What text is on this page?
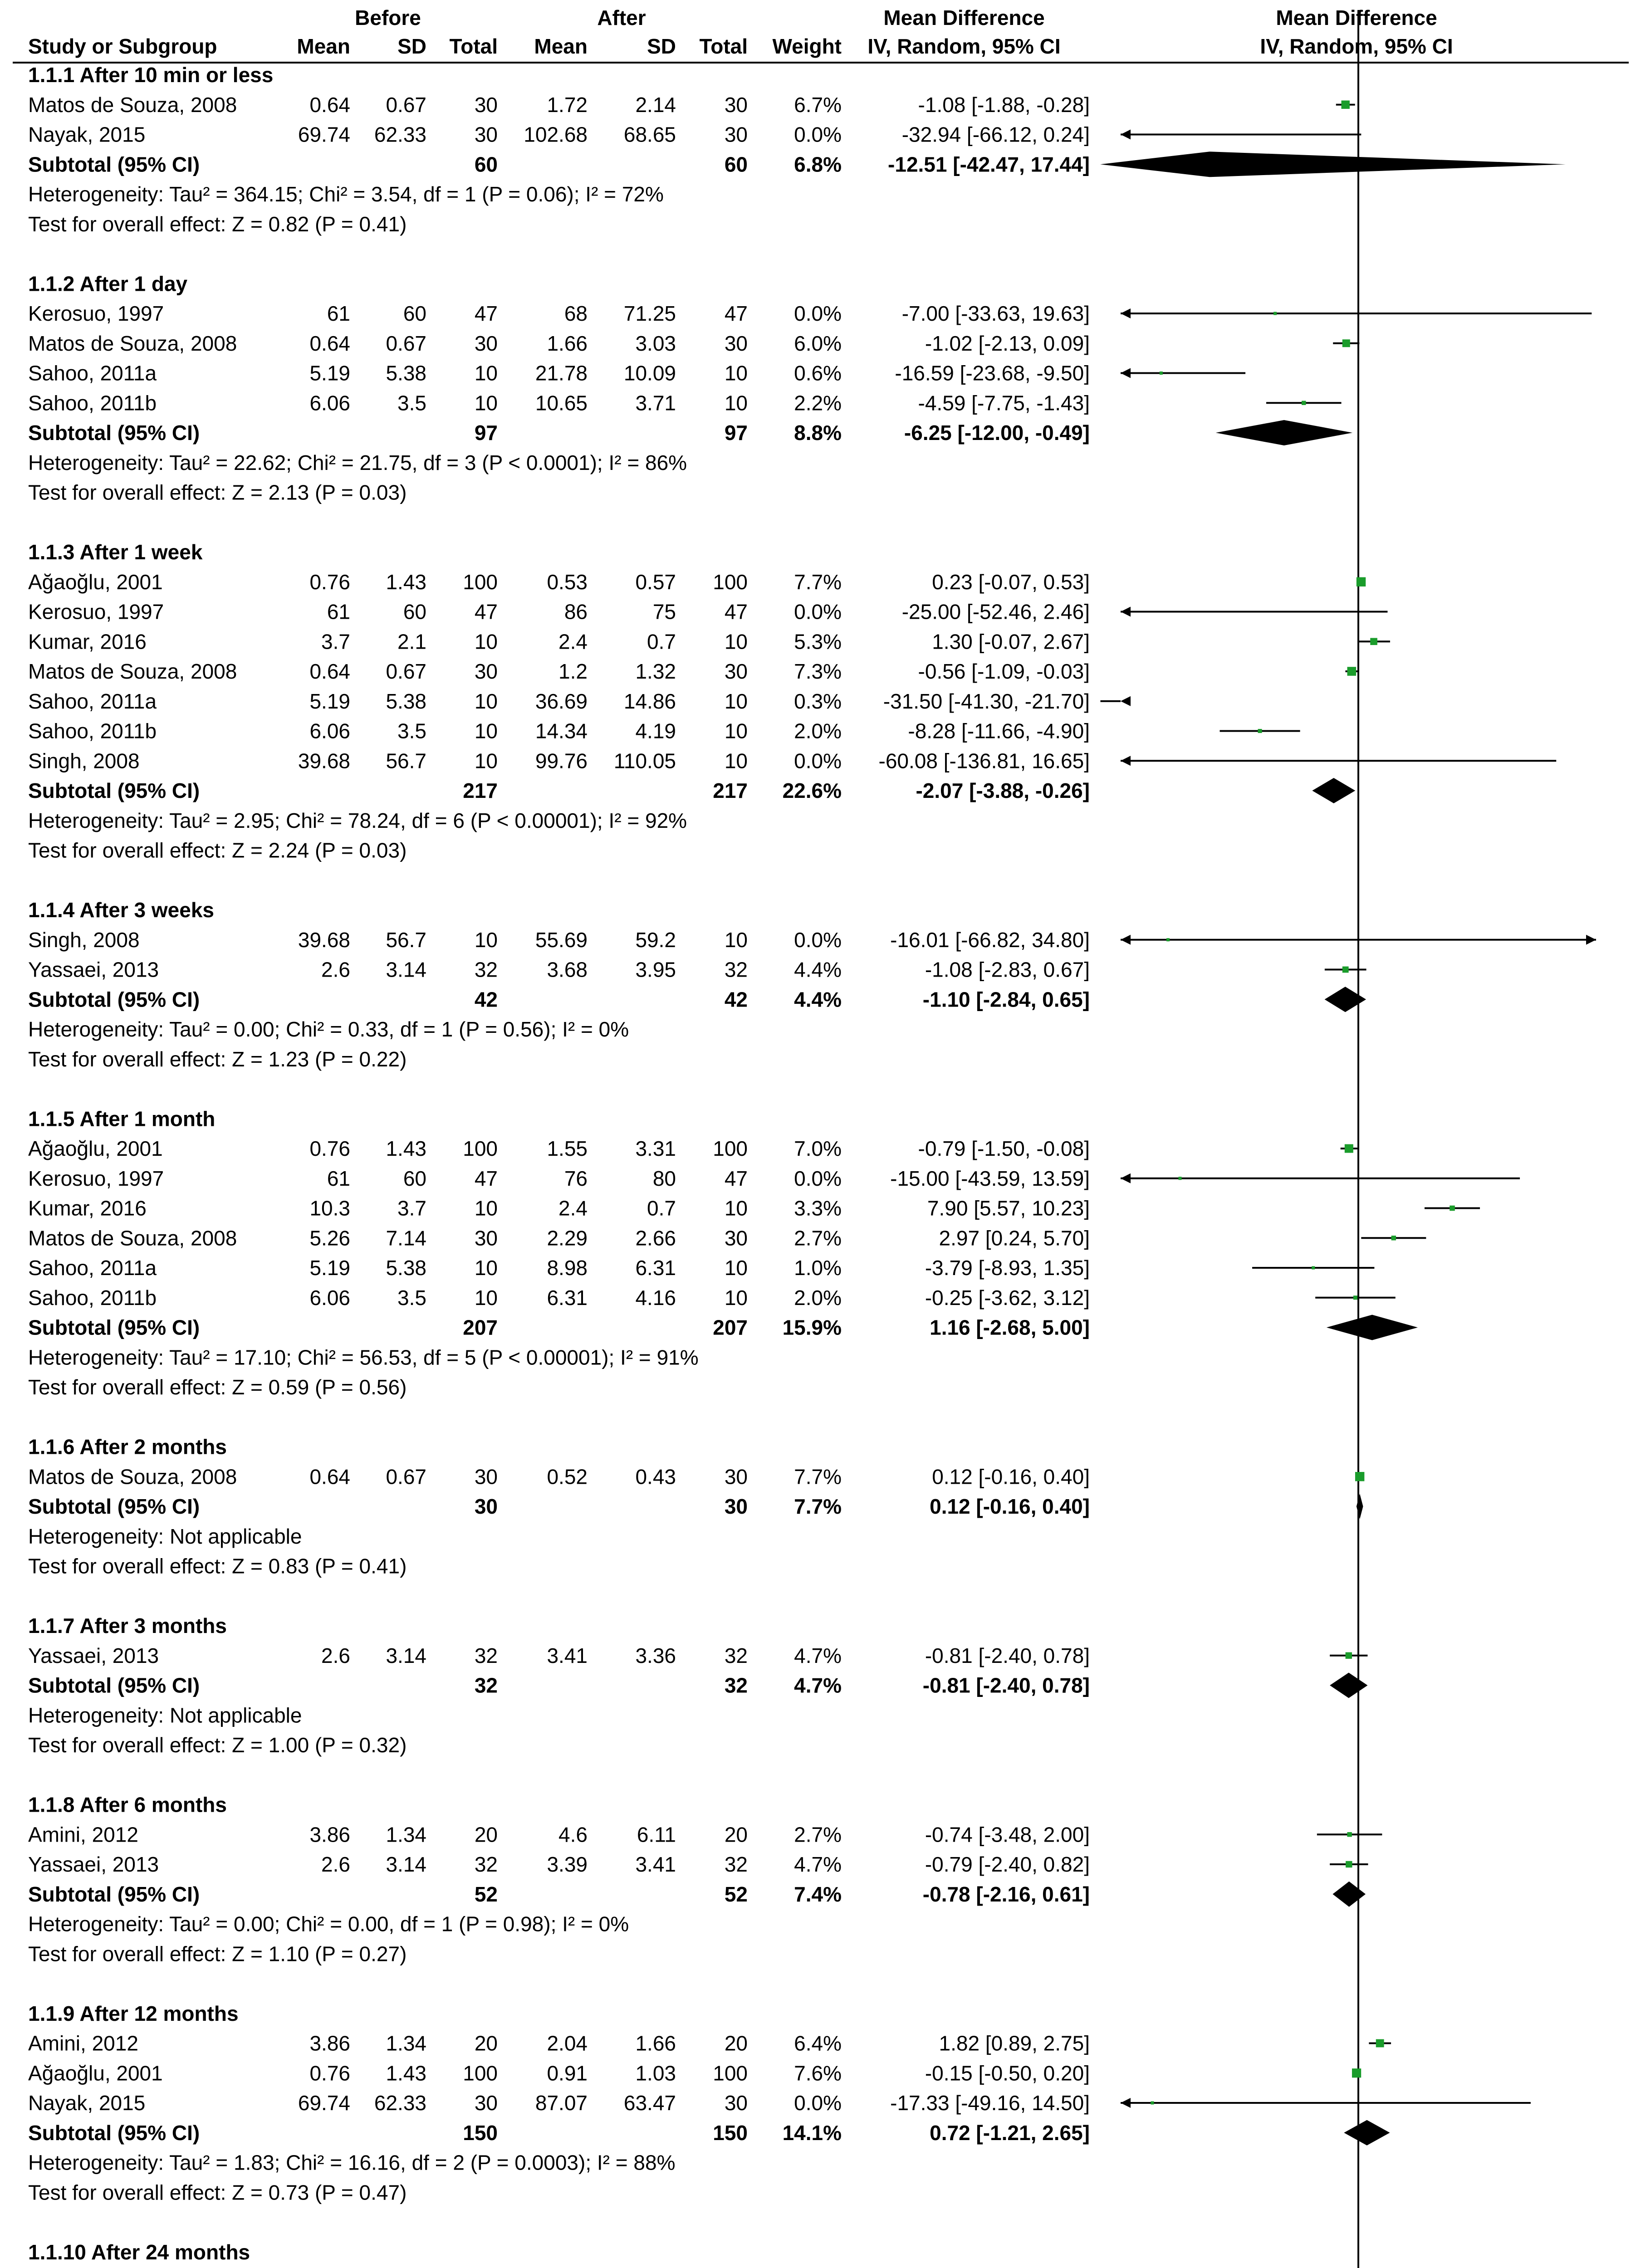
Before	After	Mean Difference	Mean Difference
Study or Subgroup	Mean SD Total Mean	SD Total Weight IV, Random, 95% CI	IV, Random, 95% CI
1.1.1 After 10 min or less
Matos de Souza, 2008	0.64 0.67 30 1.72 2.14 30 6.7%	-1.08 [-1.88, -0.28]
Nayak, 2015	69.74 62.33 30 102.68 68.65 30 0.0%	-32.94 [-66.12, 0.24]
Subtotal (95% CI)	60	60 6.8% -12.51 [-42.47, 17.44]
Heterogeneity: Tau² = 364.15; Chi² = 3.54, df = 1 (P = 0.06); I² = 72%
Test for overall effect: Z = 0.82 (P = 0.41)
1.1.2 After 1 day
Kerosuo, 1997	61	60 47	68 71.25 47 0.0%	-7.00 [-33.63, 19.63]
Matos de Souza, 2008	0.64 0.67 30 1.66 3.03 30 6.0%	-1.02 [-2.13, 0.09]
Sahoo, 2011a	5.19 5.38 10 21.78 10.09 10 0.6%	-16.59 [-23.68, -9.50]
Sahoo, 2011b	6.06 3.5 10 10.65 3.71 10 2.2%	-4.59 [-7.75, -1.43]
Subtotal (95% CI)	97	97 8.8%	-6.25 [-12.00, -0.49]
Heterogeneity: Tau² = 22.62; Chi² = 21.75, df = 3 (P < 0.0001); I² = 86%
Test for overall effect: Z = 2.13 (P = 0.03)
1.1.3 After 1 week
Ağaoğlu, 2001	0.76 1.43 100 0.53 0.57 100 7.7%	0.23 [-0.07, 0.53]
Kerosuo, 1997	61	60 47	86	75 47 0.0%	-25.00 [-52.46, 2.46]
Kumar, 2016	3.7 2.1 10	2.4	0.7 10 5.3%	1.30 [-0.07, 2.67]
Matos de Souza, 2008	0.64 0.67 30	1.2 1.32 30 7.3%	-0.56 [-1.09, -0.03]
Sahoo, 2011a	5.19 5.38 10 36.69 14.86 10 0.3% -31.50 [-41.30, -21.70]
Sahoo, 2011b	6.06 3.5 10 14.34 4.19 10 2.0%	-8.28 [-11.66, -4.90]
Singh, 2008	39.68 56.7 10 99.76 110.05 10 0.0% -60.08 [-136.81, 16.65]
Subtotal (95% CI)	217	217 22.6%	-2.07 [-3.88, -0.26]
Heterogeneity: Tau² = 2.95; Chi² = 78.24, df = 6 (P < 0.00001); I² = 92%
Test for overall effect: Z = 2.24 (P = 0.03)
1.1.4 After 3 weeks
Singh, 2008	39.68 56.7 10 55.69 59.2 10 0.0% -16.01 [-66.82, 34.80]
Yassaei, 2013	2.6 3.14 32 3.68 3.95 32 4.4%	-1.08 [-2.83, 0.67]
Subtotal (95% CI)	42	42 4.4%	-1.10 [-2.84, 0.65]
Heterogeneity: Tau² = 0.00; Chi² = 0.33, df = 1 (P = 0.56); I² = 0%
Test for overall effect: Z = 1.23 (P = 0.22)
1.1.5 After 1 month
Ağaoğlu, 2001	0.76 1.43 100 1.55 3.31 100 7.0%	-0.79 [-1.50, -0.08]
Kerosuo, 1997	61	60 47	76	80 47 0.0% -15.00 [-43.59, 13.59]
Kumar, 2016	10.3 3.7 10	2.4	0.7 10 3.3%	7.90 [5.57, 10.23]
Matos de Souza, 2008	5.26 7.14 30 2.29 2.66 30 2.7%	2.97 [0.24, 5.70]
Sahoo, 2011a	5.19 5.38 10 8.98 6.31 10 1.0%	-3.79 [-8.93, 1.35]
Sahoo, 2011b	6.06 3.5 10 6.31 4.16 10 2.0%	-0.25 [-3.62, 3.12]
Subtotal (95% CI)	207	207 15.9%	1.16 [-2.68, 5.00]
Heterogeneity: Tau² = 17.10; Chi² = 56.53, df = 5 (P < 0.00001); I² = 91%
Test for overall effect: Z = 0.59 (P = 0.56)
1.1.6 After 2 months
Matos de Souza, 2008	0.64 0.67 30 0.52 0.43 30 7.7%	0.12 [-0.16, 0.40]
Subtotal (95% CI)	30	30 7.7%	0.12 [-0.16, 0.40]
Heterogeneity: Not applicable
Test for overall effect: Z = 0.83 (P = 0.41)
1.1.7 After 3 months
Yassaei, 2013	2.6 3.14 32 3.41 3.36 32 4.7%	-0.81 [-2.40, 0.78]
Subtotal (95% CI)	32	32 4.7%	-0.81 [-2.40, 0.78]
Heterogeneity: Not applicable
Test for overall effect: Z = 1.00 (P = 0.32)
1.1.8 After 6 months
Amini, 2012	3.86 1.34 20	4.6 6.11 20 2.7%	-0.74 [-3.48, 2.00]
Yassaei, 2013	2.6 3.14 32 3.39 3.41 32 4.7%	-0.79 [-2.40, 0.82]
Subtotal (95% CI)	52	52 7.4%	-0.78 [-2.16, 0.61]
Heterogeneity: Tau² = 0.00; Chi² = 0.00, df = 1 (P = 0.98); I² = 0%
Test for overall effect: Z = 1.10 (P = 0.27)
1.1.9 After 12 months
Amini, 2012	3.86 1.34 20 2.04 1.66 20 6.4%	1.82 [0.89, 2.75]
Ağaoğlu, 2001	0.76 1.43 100 0.91 1.03 100 7.6%	-0.15 [-0.50, 0.20]
Nayak, 2015	69.74 62.33 30 87.07 63.47 30 0.0% -17.33 [-49.16, 14.50]
Subtotal (95% CI)	150	150 14.1%	0.72 [-1.21, 2.65]
Heterogeneity: Tau² = 1.83; Chi² = 16.16, df = 2 (P = 0.0003); I² = 88%
Test for overall effect: Z = 0.73 (P = 0.47)
1.1.10 After 24 months
